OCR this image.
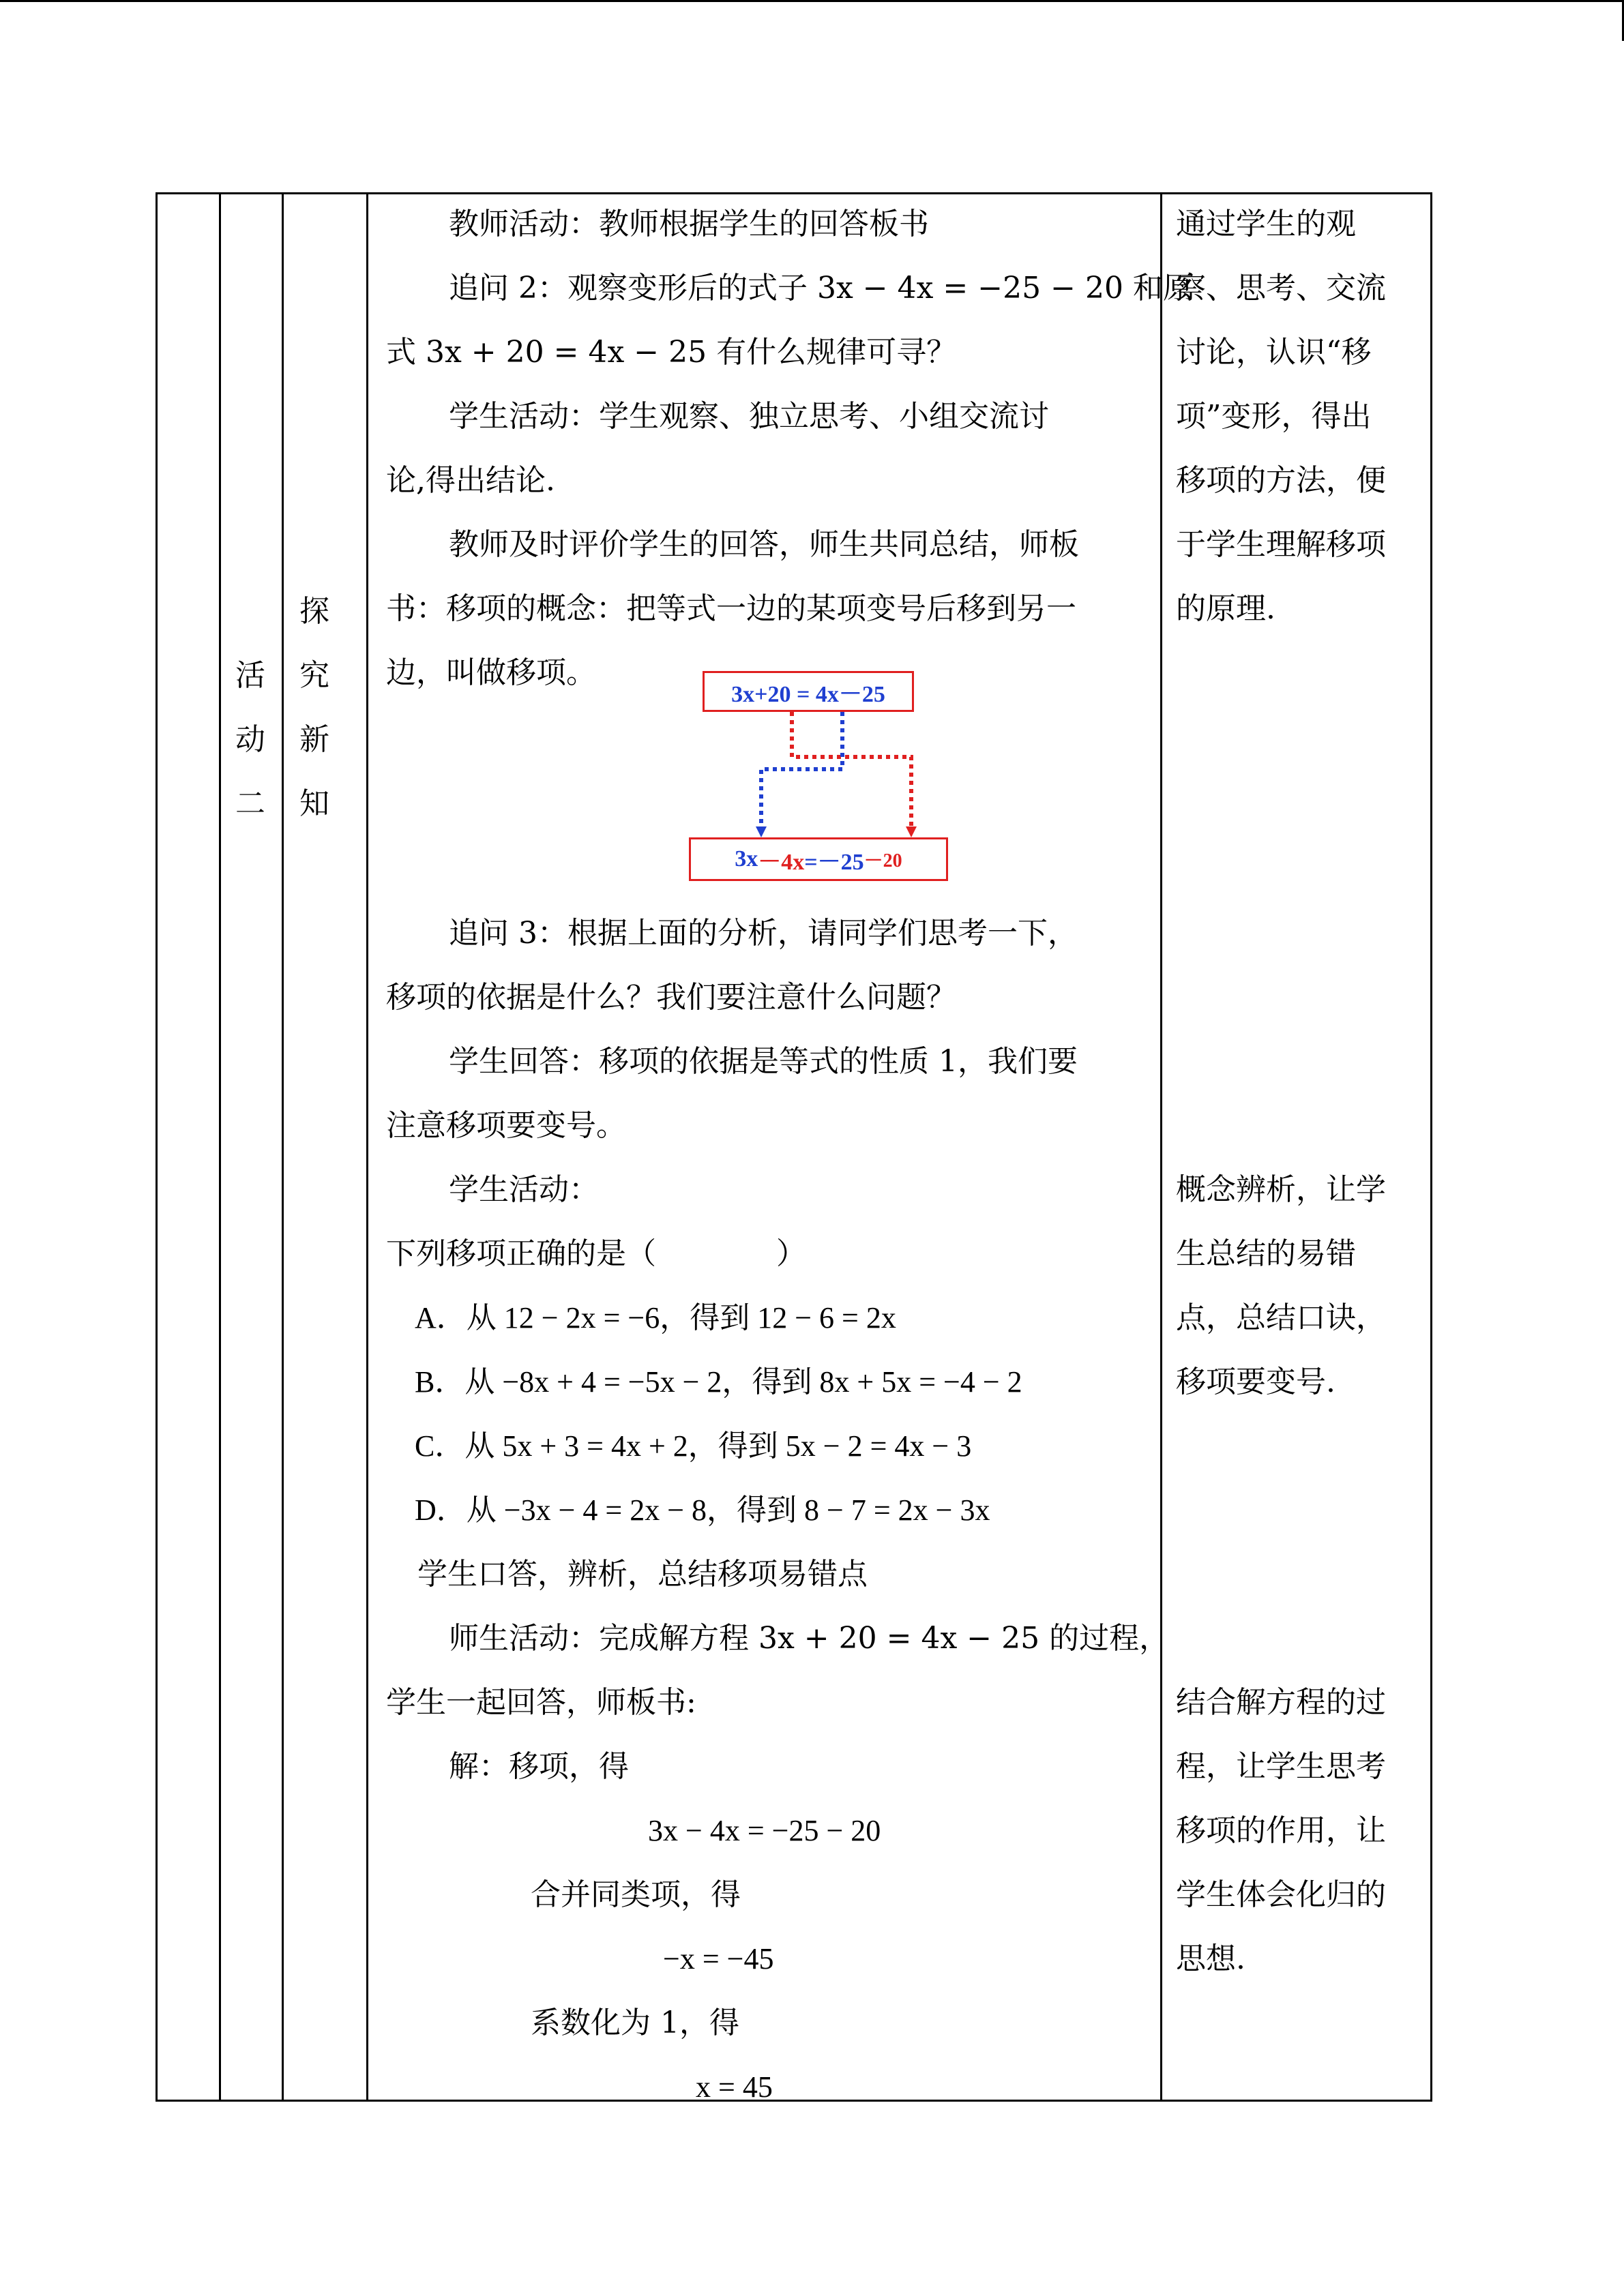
活
动
二
探
究
新
知
教师活动：教师根据学生的回答板书
追问 2：观察变形后的式子 3x − 4x = −25 − 20 和原
式 3x + 20 = 4x − 25 有什么规律可寻？
学生活动：学生观察、独立思考、小组交流讨
论,得出结论.
教师及时评价学生的回答，师生共同总结，师板
书：移项的概念：把等式一边的某项变号后移到另一
边，叫做移项。
追问 3：根据上面的分析，请同学们思考一下，
移项的依据是什么？我们要注意什么问题？
学生回答：移项的依据是等式的性质 1，我们要
注意移项要变号。
学生活动：
下列移项正确的是（　　　　）
A．从 12 − 2x = −6，得到 12 − 6 = 2x
B．从 −8x + 4 = −5x − 2，得到 8x + 5x = −4 − 2
C．从 5x + 3 = 4x + 2，得到 5x − 2 = 4x − 3
D．从 −3x − 4 = 2x − 8，得到 8 − 7 = 2x − 3x
学生口答，辨析，总结移项易错点
师生活动：完成解方程 3x + 20 = 4x − 25 的过程，
学生一起回答，师板书:
解：移项，得
3x − 4x = −25 − 20
合并同类项，得
−x = −45
系数化为 1，得
x = 45
3x+20 = 4x－25
3x －4x =－25 －20
通过学生的观
察、思考、交流
讨论，认识“移
项”变形，得出
移项的方法，便
于学生理解移项
的原理.
概念辨析，让学
生总结的易错
点，总结口诀，
移项要变号.
结合解方程的过
程，让学生思考
移项的作用，让
学生体会化归的
思想.
